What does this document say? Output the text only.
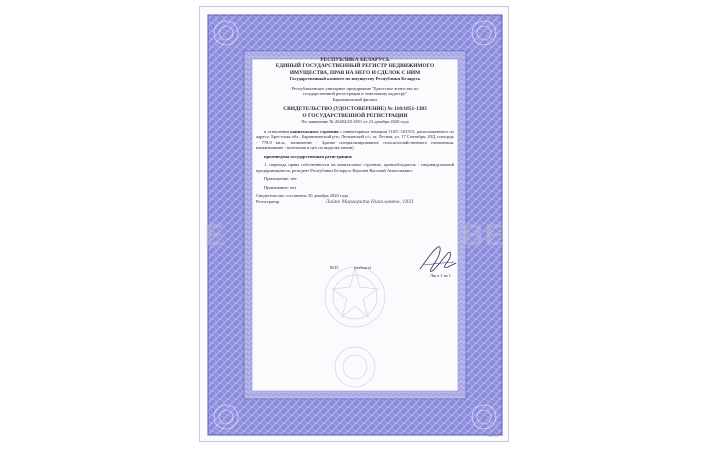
Е	ВЕ
РЕСПУБЛИКА БЕЛАРУСЬ
ЕДИНЫЙ ГОСУДАРСТВЕННЫЙ РЕГИСТР НЕДВИЖИМОГО
ИМУЩЕСТВА, ПРАВ НА НЕГО И СДЕЛОК С НИМ
Государственный комитет по имуществу Республики Беларусь
Республиканское унитарное предприятие "Брестское агентство по
государственной регистрации и земельному кадастру"
Барановичский филиал
СВИДЕТЕЛЬСТВО (УДОСТОВЕРЕНИЕ) № 110/1851-1383
О ГОСУДАРСТВЕННОЙ РЕГИСТРАЦИИ
По заявлению № 26484/20:1851 от 23 декабря 2020 года
в отношении капитального строения с инвентарным номером 110/С-101515, расположенного по адресу: Брестская обл., Барановичский р-н, Леснянский с/с, аг. Лесная, ул. 17 Сентября, 20Д, площадь - 778.0 кв.м., назначение - Здание специализированное сельскохозяйственного назначения, наименование - котельная и цех по выделке овчин)
произведена государственная регистрация:
1. перехода права собственности на капитальное строение, правообладатель - индивидуальный предприниматель, резидент Республики Беларусь Королёв Василий Анатольевич.
Приложение: нет
Примечание: нет
Свидетельство составлено 30 декабря 2020 года
Регистратор	Лайко Маргарита Николаевна, 1851
М.П.	(подпись)
Лист 1 из 1
бл. 272
